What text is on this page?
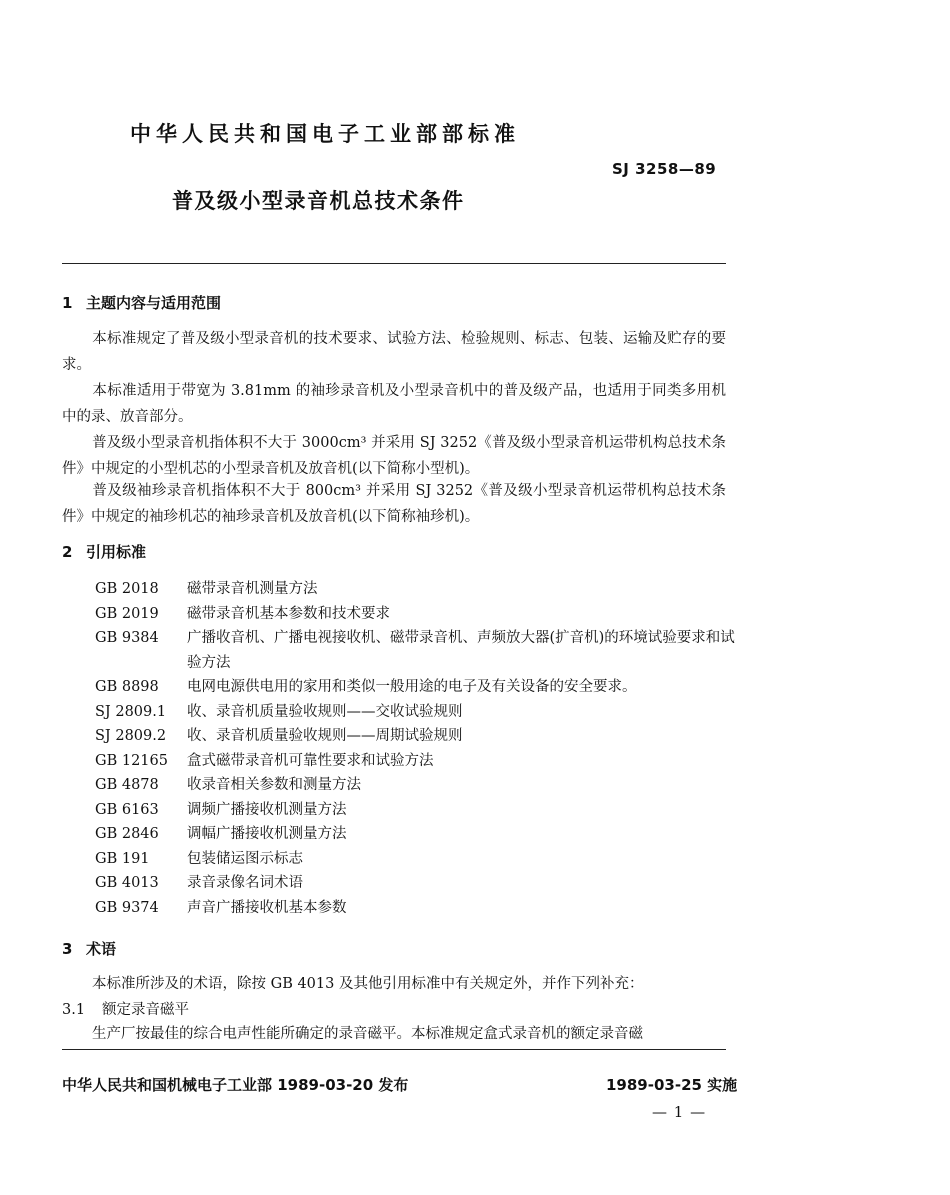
中华人民共和国电子工业部部标准
SJ 3258—89
普及级小型录音机总技术条件
1 主题内容与适用范围
本标准规定了普及级小型录音机的技术要求、试验方法、检验规则、标志、包装、运输及贮存的要求。
本标准适用于带宽为 3.81mm 的袖珍录音机及小型录音机中的普及级产品，也适用于同类多用机中的录、放音部分。
普及级小型录音机指体积不大于 3000cm³ 并采用 SJ 3252《普及级小型录音机运带机构总技术条件》中规定的小型机芯的小型录音机及放音机(以下简称小型机)。
普及级袖珍录音机指体积不大于 800cm³ 并采用 SJ 3252《普及级小型录音机运带机构总技术条件》中规定的袖珍机芯的袖珍录音机及放音机(以下简称袖珍机)。
2 引用标准
GB 2018	磁带录音机测量方法
GB 2019	磁带录音机基本参数和技术要求
GB 9384	广播收音机、广播电视接收机、磁带录音机、声频放大器(扩音机)的环境试验要求和试验方法
GB 8898	电网电源供电用的家用和类似一般用途的电子及有关设备的安全要求。
SJ 2809.1	收、录音机质量验收规则——交收试验规则
SJ 2809.2	收、录音机质量验收规则——周期试验规则
GB 12165	盒式磁带录音机可靠性要求和试验方法
GB 4878	收录音相关参数和测量方法
GB 6163	调频广播接收机测量方法
GB 2846	调幅广播接收机测量方法
GB 191	包装储运图示标志
GB 4013	录音录像名词术语
GB 9374	声音广播接收机基本参数
3 术语
本标准所涉及的术语，除按 GB 4013 及其他引用标准中有关规定外，并作下列补充：
3.1 额定录音磁平
生产厂按最佳的综合电声性能所确定的录音磁平。本标准规定盒式录音机的额定录音磁
中华人民共和国机械电子工业部 1989-03-20 发布	1989-03-25 实施
— 1 —
